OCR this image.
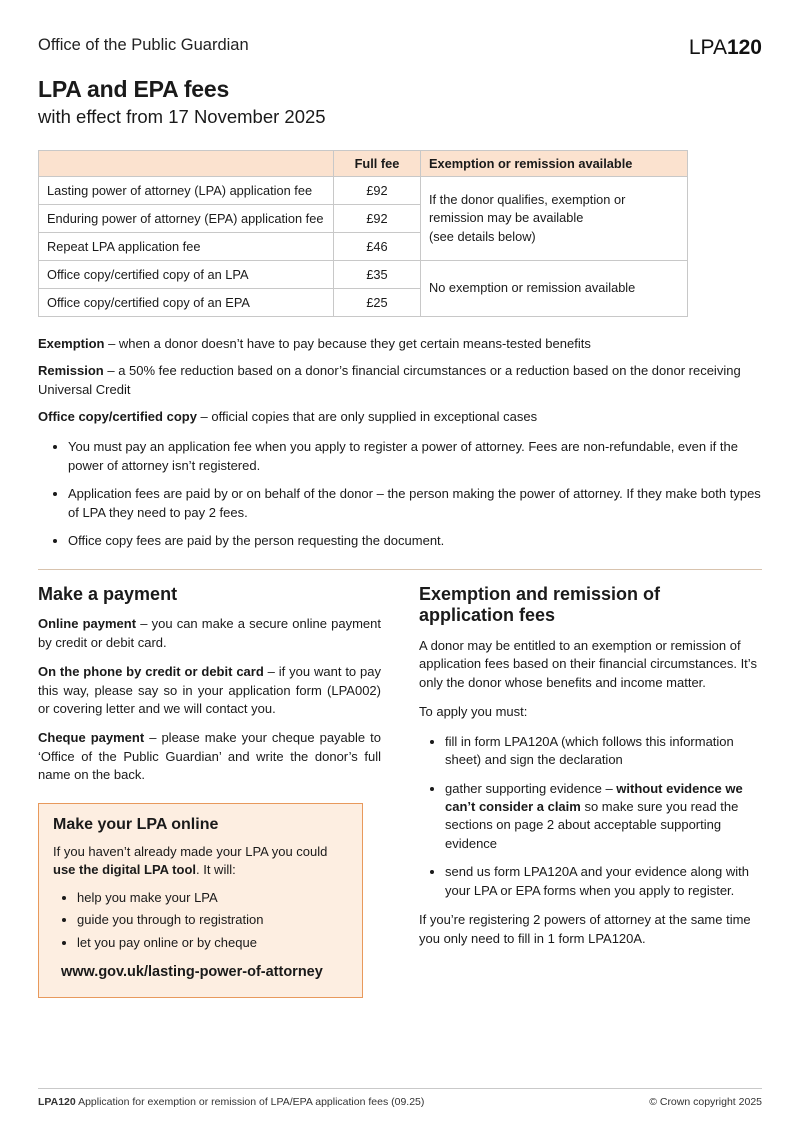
Office of the Public Guardian	LPA120
LPA and EPA fees
with effect from 17 November 2025
	Full fee	Exemption or remission available
Lasting power of attorney (LPA) application fee	£92	If the donor qualifies, exemption or
remission may be available
(see details below)
Enduring power of attorney (EPA) application fee	£92	
Repeat LPA application fee	£46	
Office copy/certified copy of an LPA	£35	No exemption or remission available
Office copy/certified copy of an EPA	£25	

Exemption – when a donor doesn’t have to pay because they get certain means-tested benefits

Remission – a 50% fee reduction based on a donor’s financial circumstances or a reduction based on the donor receiving Universal Credit

Office copy/certified copy – official copies that are only supplied in exceptional cases

• You must pay an application fee when you apply to register a power of attorney. Fees are non-refundable, even if the power of attorney isn’t registered.
• Application fees are paid by or on behalf of the donor – the person making the power of attorney. If they make both types of LPA they need to pay 2 fees.
• Office copy fees are paid by the person requesting the document.
Make a payment

Online payment – you can make a secure online payment by credit or debit card.

On the phone by credit or debit card – if you want to pay this way, please say so in your application form (LPA002) or covering letter and we will contact you.

Cheque payment – please make your cheque payable to ‘Office of the Public Guardian’ and write the donor’s full name on the back.

Make your LPA online

If you haven’t already made your LPA you could use the digital LPA tool. It will:

• help you make your LPA
• guide you through to registration
• let you pay online or by cheque

www.gov.uk/lasting-power-of-attorney

Exemption and remission of
application fees

A donor may be entitled to an exemption or remission of application fees based on their financial circumstances. It’s only the donor whose benefits and income matter.

To apply you must:

• fill in form LPA120A (which follows this information sheet) and sign the declaration
• gather supporting evidence – without evidence we can’t consider a claim so make sure you read the sections on page 2 about acceptable supporting evidence
• send us form LPA120A and your evidence along with your LPA or EPA forms when you apply to register.

If you’re registering 2 powers of attorney at the same time you only need to fill in 1 form LPA120A.

LPA120 Application for exemption or remission of LPA/EPA application fees (09.25)	© Crown copyright 2025
